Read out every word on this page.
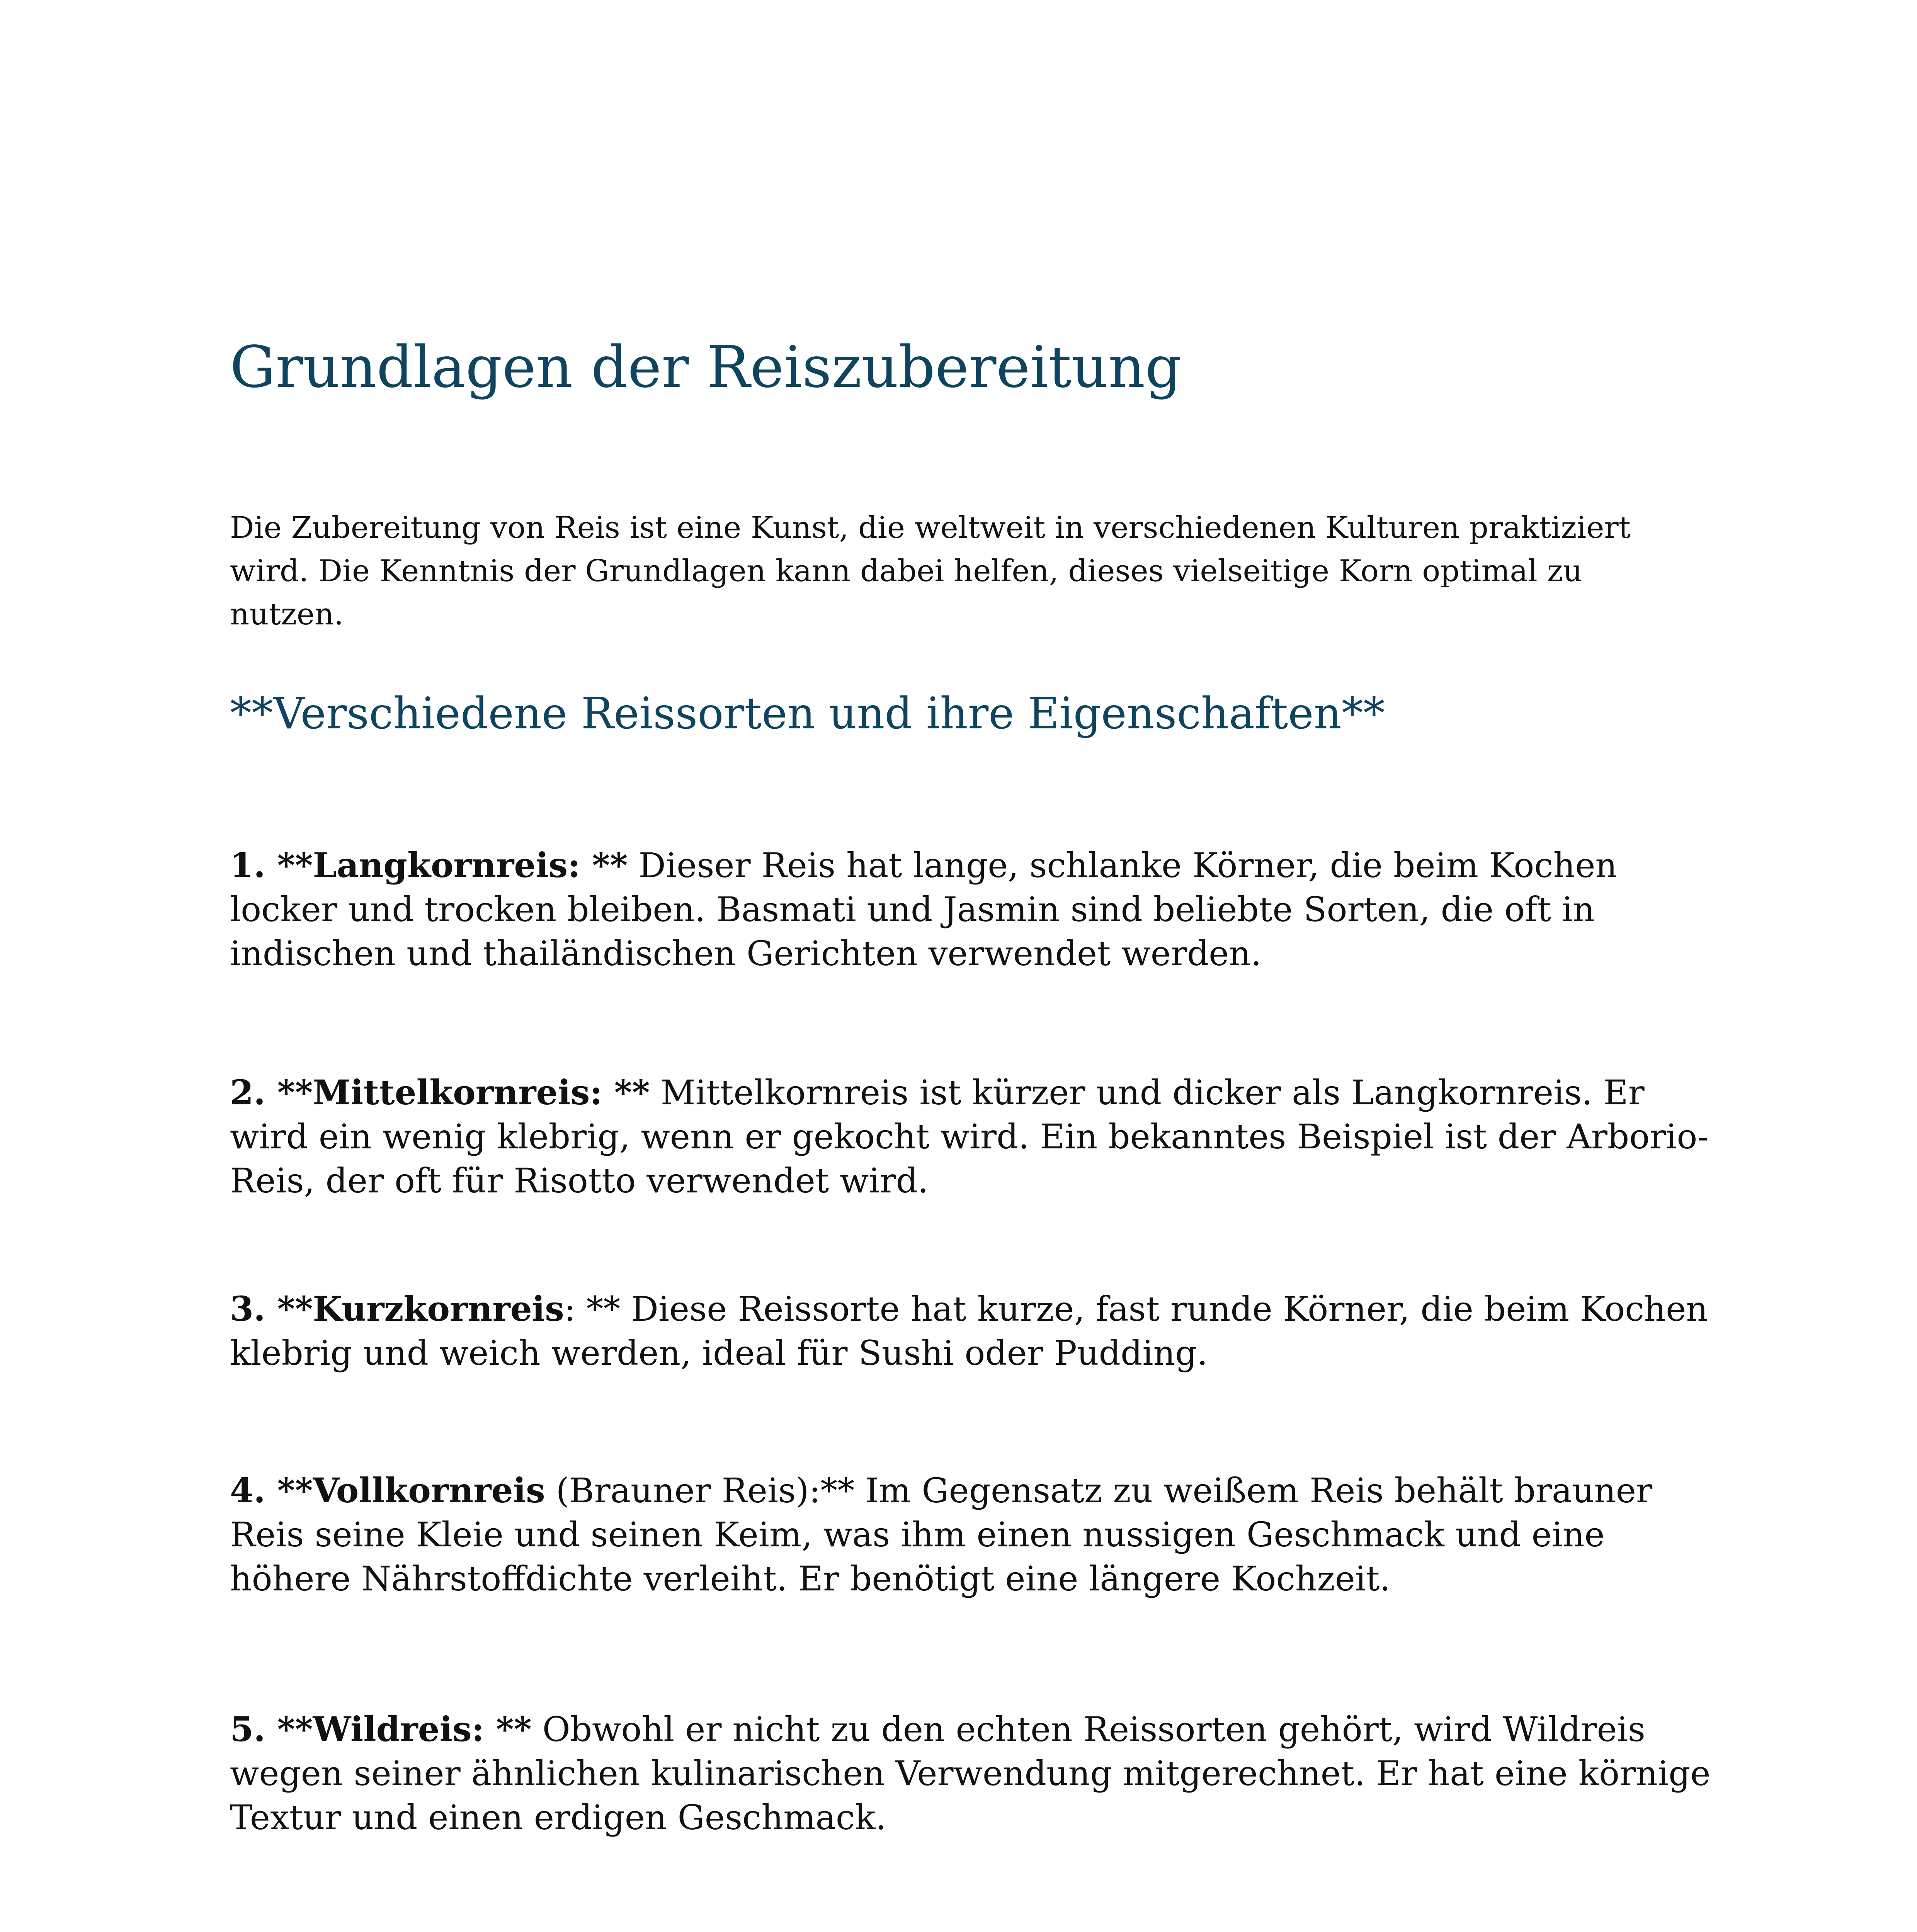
Grundlagen der Reiszubereitung

Die Zubereitung von Reis ist eine Kunst, die weltweit in verschiedenen Kulturen praktiziert wird. Die Kenntnis der Grundlagen kann dabei helfen, dieses vielseitige Korn optimal zu nutzen.

**Verschiedene Reissorten und ihre Eigenschaften**

1. **Langkornreis: ** Dieser Reis hat lange, schlanke Körner, die beim Kochen locker und trocken bleiben. Basmati und Jasmin sind beliebte Sorten, die oft in indischen und thailändischen Gerichten verwendet werden.

2. **Mittelkornreis: ** Mittelkornreis ist kürzer und dicker als Langkornreis. Er wird ein wenig klebrig, wenn er gekocht wird. Ein bekanntes Beispiel ist der Arborio-Reis, der oft für Risotto verwendet wird.

3. **Kurzkornreis: ** Diese Reissorte hat kurze, fast runde Körner, die beim Kochen klebrig und weich werden, ideal für Sushi oder Pudding.

4. **Vollkornreis (Brauner Reis):** Im Gegensatz zu weißem Reis behält brauner Reis seine Kleie und seinen Keim, was ihm einen nussigen Geschmack und eine höhere Nährstoffdichte verleiht. Er benötigt eine längere Kochzeit.

5. **Wildreis: ** Obwohl er nicht zu den echten Reissorten gehört, wird Wildreis wegen seiner ähnlichen kulinarischen Verwendung mitgerechnet. Er hat eine körnige Textur und einen erdigen Geschmack.
